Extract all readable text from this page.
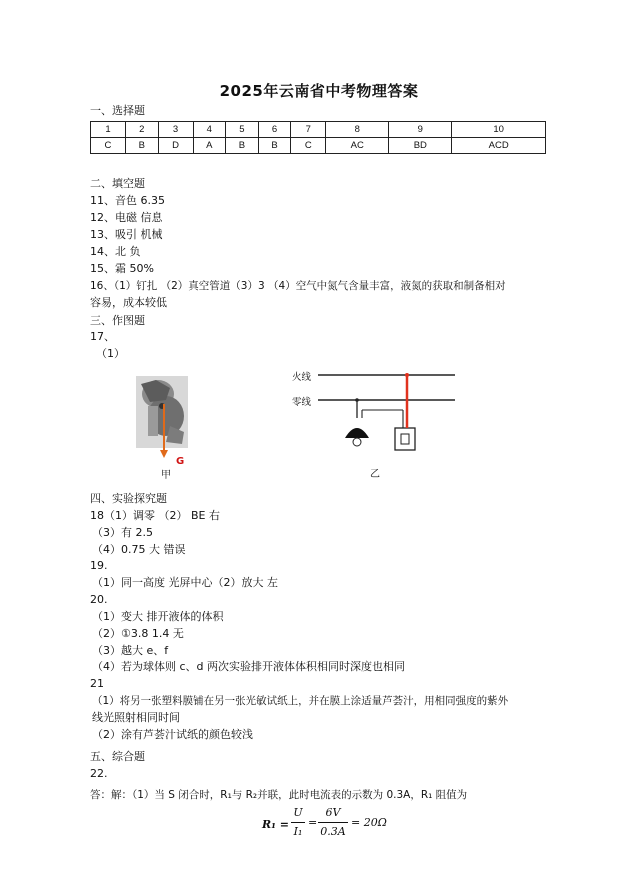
2025年云南省中考物理答案
一、选择题
1	2	3	4	5	6	7	8	9	10
C	B	D	A	B	B	C	AC	BD	ACD
二、填空题
11、音色 6.35
12、电磁 信息
13、吸引 机械
14、北 负
15、霜 50%
16、（1）钉扎 （2）真空管道（3）3 （4）空气中氮气含量丰富，液氮的获取和制备相对
容易，成本较低
三、作图题
17、
（1）
G
甲
火线
零线
乙
四、实验探究题
18（1）调零 （2） BE 右
（3）有 2.5
（4）0.75 大 错误
19.
（1）同一高度 光屏中心（2）放大 左
20.
（1）变大 排开液体的体积
（2）①3.8 1.4 无
（3）越大 e、f
（4）若为球体则 c、d 两次实验排开液体体积相同时深度也相同
21
（1）将另一张塑料膜铺在另一张光敏试纸上，并在膜上涂适量芦荟汁，用相同强度的紫外
线光照射相同时间
（2）涂有芦荟汁试纸的颜色较浅
五、综合题
22.
答：解：（1）当 S 闭合时，R₁与 R₂并联，此时电流表的示数为 0.3A，R₁ 阻值为
R₁ =
U
I₁
=
6V
0.3A
= 20Ω
